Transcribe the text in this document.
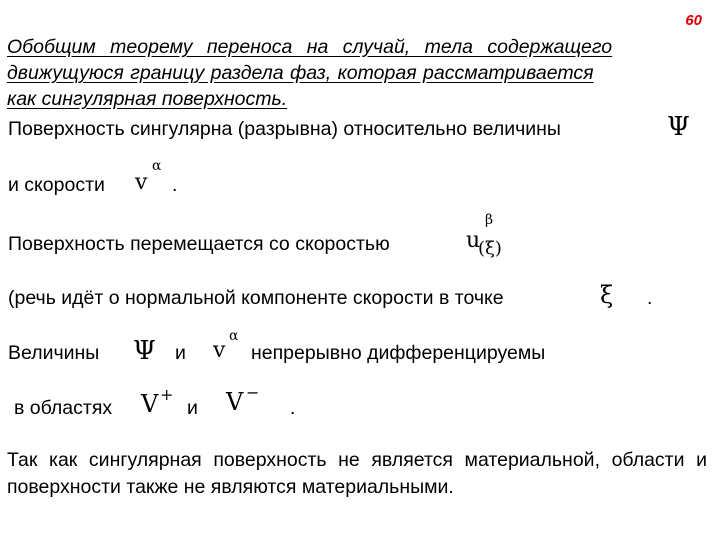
60
Обобщим теорему переноса на случай, тела содержащего
движущуюся границу раздела фаз, которая рассматривается
как сингулярная поверхность.
Поверхность сингулярна (разрывна) относительно величины	Ψ
и скорости v
α
.
Поверхность перемещается со скоростью	u
β
(ξ)
(речь идёт о нормальной компоненте скорости в точке	ξ .
Величины Ψ и v
α
непрерывно дифференцируемы
в областях V +
и V −
.
Так как сингулярная поверхность не является материальной, области и поверхности также не являются материальными.
